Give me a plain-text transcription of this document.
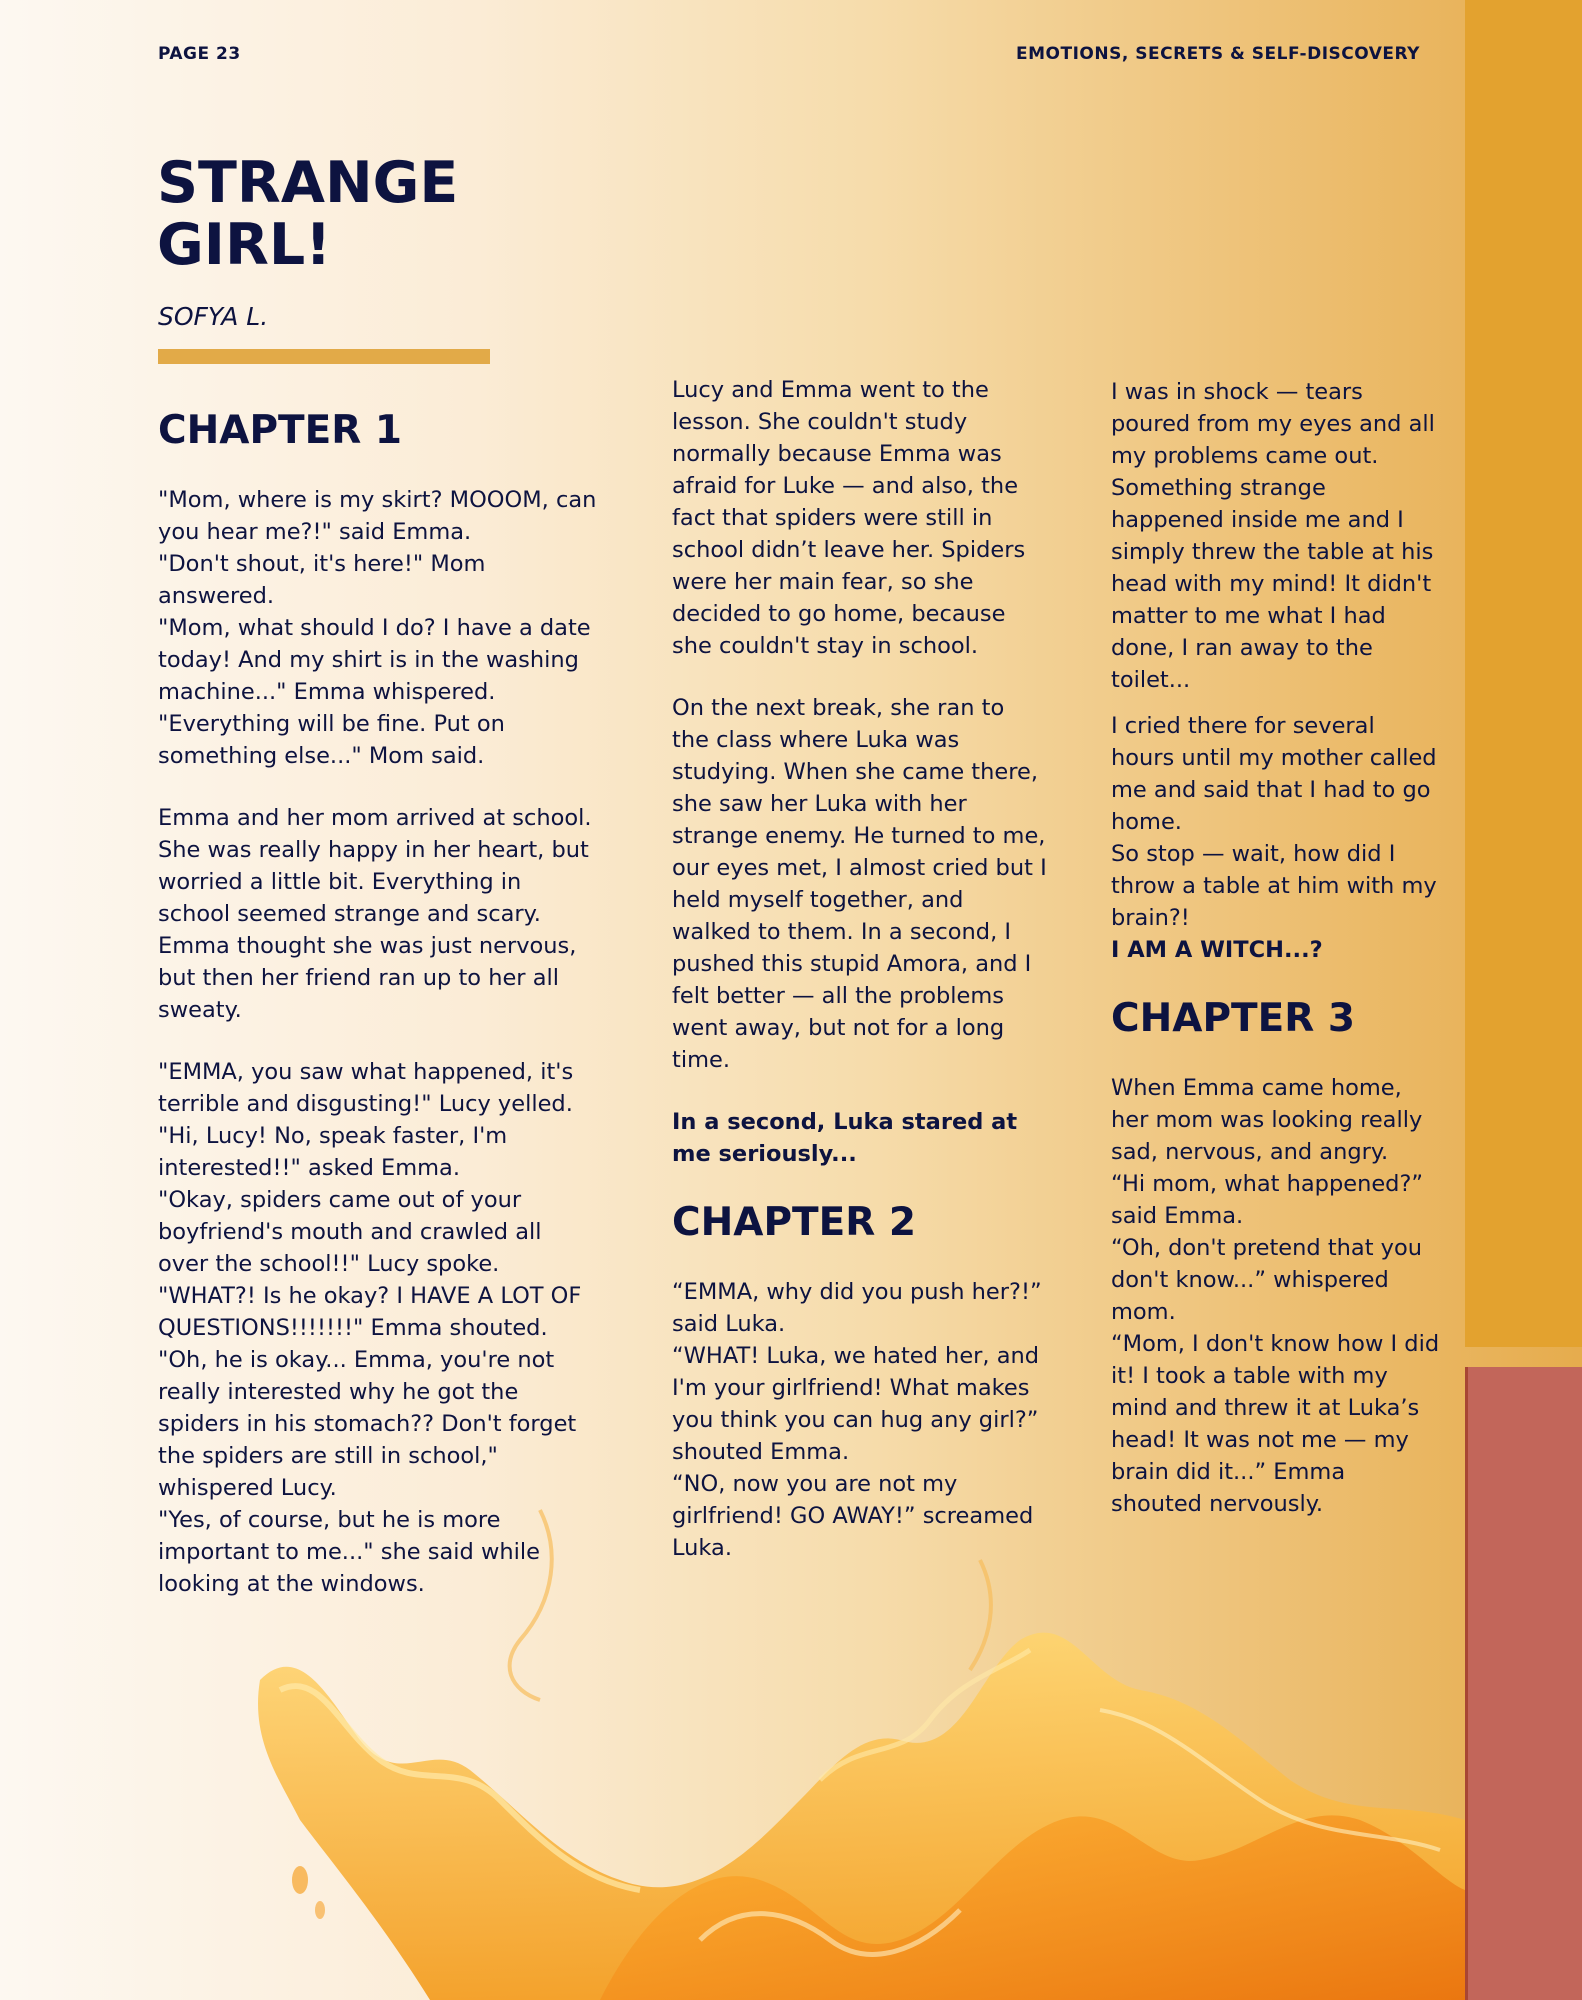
PAGE 23	EMOTIONS, SECRETS & SELF-DISCOVERY
STRANGE GIRL!
SOFYA L.
CHAPTER 1

"Mom, where is my skirt? MOOOM, can you hear me?!" said Emma.
"Don't shout, it's here!" Mom answered.
"Mom, what should I do? I have a date today! And my shirt is in the washing machine..." Emma whispered.
"Everything will be fine. Put on something else..." Mom said.

Emma and her mom arrived at school. She was really happy in her heart, but worried a little bit. Everything in school seemed strange and scary. Emma thought she was just nervous, but then her friend ran up to her all sweaty.

"EMMA, you saw what happened, it's terrible and disgusting!" Lucy yelled.
"Hi, Lucy! No, speak faster, I'm interested!!" asked Emma.
"Okay, spiders came out of your boyfriend's mouth and crawled all over the school!!" Lucy spoke.
"WHAT?! Is he okay? I HAVE A LOT OF QUESTIONS!!!!!!!" Emma shouted.
"Oh, he is okay... Emma, you're not really interested why he got the spiders in his stomach?? Don't forget the spiders are still in school," whispered Lucy.
"Yes, of course, but he is more important to me..." she said while looking at the windows.

Lucy and Emma went to the lesson. She couldn't study normally because Emma was afraid for Luke — and also, the fact that spiders were still in school didn’t leave her. Spiders were her main fear, so she decided to go home, because she couldn't stay in school.

On the next break, she ran to the class where Luka was studying. When she came there, she saw her Luka with her strange enemy. He turned to me, our eyes met, I almost cried but I held myself together, and walked to them. In a second, I pushed this stupid Amora, and I felt better — all the problems went away, but not for a long time.

In a second, Luka stared at me seriously...

CHAPTER 2

“EMMA, why did you push her?!” said Luka.
“WHAT! Luka, we hated her, and I'm your girlfriend! What makes you think you can hug any girl?” shouted Emma.
“NO, now you are not my girlfriend! GO AWAY!” screamed Luka.

I was in shock — tears poured from my eyes and all my problems came out. Something strange happened inside me and I simply threw the table at his head with my mind! It didn't matter to me what I had done, I ran away to the toilet...

I cried there for several hours until my mother called me and said that I had to go home.
So stop — wait, how did I throw a table at him with my brain?!

I AM A WITCH...?

CHAPTER 3

When Emma came home, her mom was looking really sad, nervous, and angry.
“Hi mom, what happened?” said Emma.
“Oh, don't pretend that you don't know...” whispered mom.
“Mom, I don't know how I did it! I took a table with my mind and threw it at Luka’s head! It was not me — my brain did it...” Emma shouted nervously.
